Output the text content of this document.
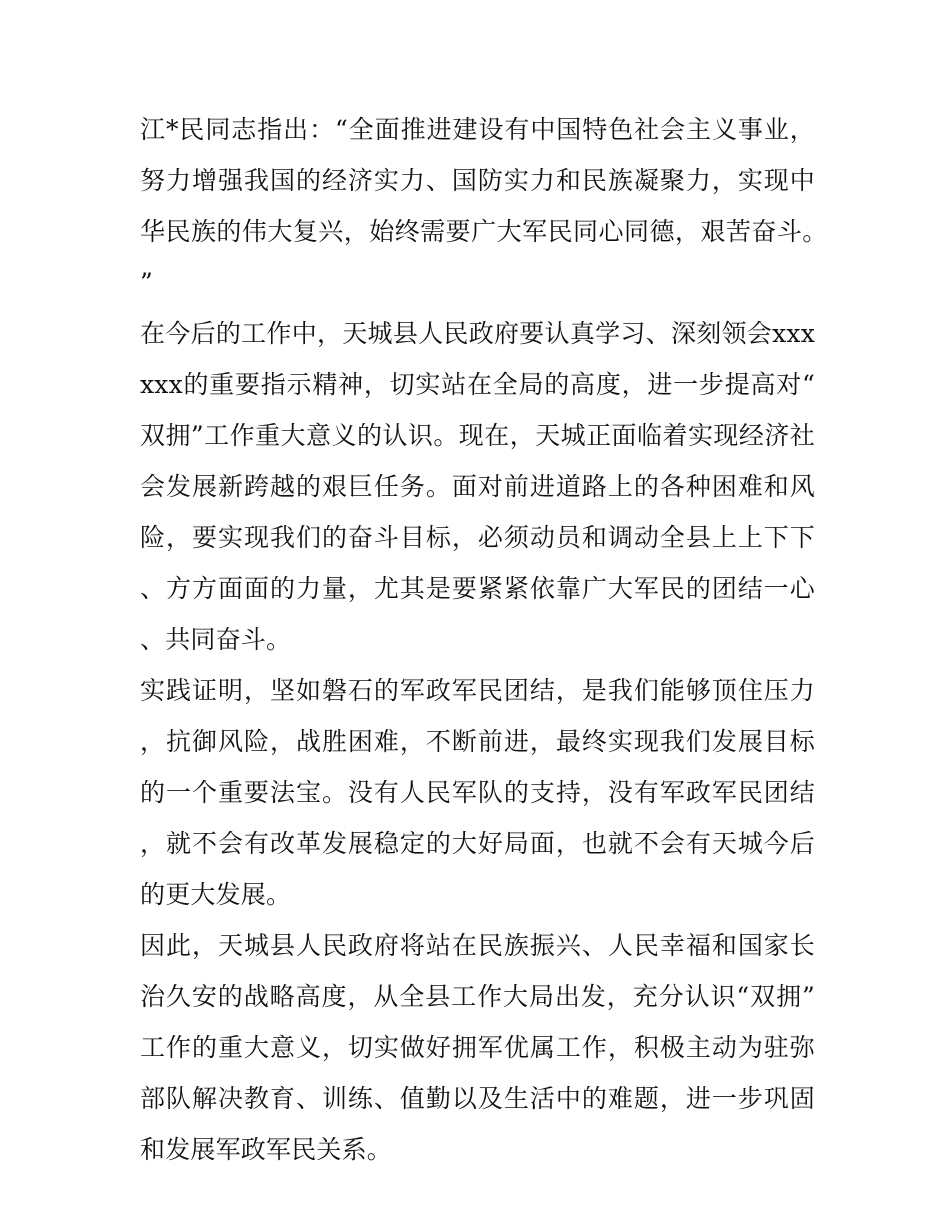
江*民同志指出：“全面推进建设有中国特色社会主义事业，努力增强我国的经济实力、国防实力和民族凝聚力，实现中华民族的伟大复兴，始终需要广大军民同心同德，艰苦奋斗。”

在今后的工作中，天城县人民政府要认真学习、深刻领会xxxxxx的重要指示精神，切实站在全局的高度，进一步提高对“双拥”工作重大意义的认识。现在，天城正面临着实现经济社会发展新跨越的艰巨任务。面对前进道路上的各种困难和风险，要实现我们的奋斗目标，必须动员和调动全县上上下下、方方面面的力量，尤其是要紧紧依靠广大军民的团结一心、共同奋斗。

实践证明，坚如磐石的军政军民团结，是我们能够顶住压力，抗御风险，战胜困难，不断前进，最终实现我们发展目标的一个重要法宝。没有人民军队的支持，没有军政军民团结，就不会有改革发展稳定的大好局面，也就不会有天城今后的更大发展。

因此，天城县人民政府将站在民族振兴、人民幸福和国家长治久安的战略高度，从全县工作大局出发，充分认识“双拥”工作的重大意义，切实做好拥军优属工作，积极主动为驻弥部队解决教育、训练、值勤以及生活中的难题，进一步巩固和发展军政军民关系。
